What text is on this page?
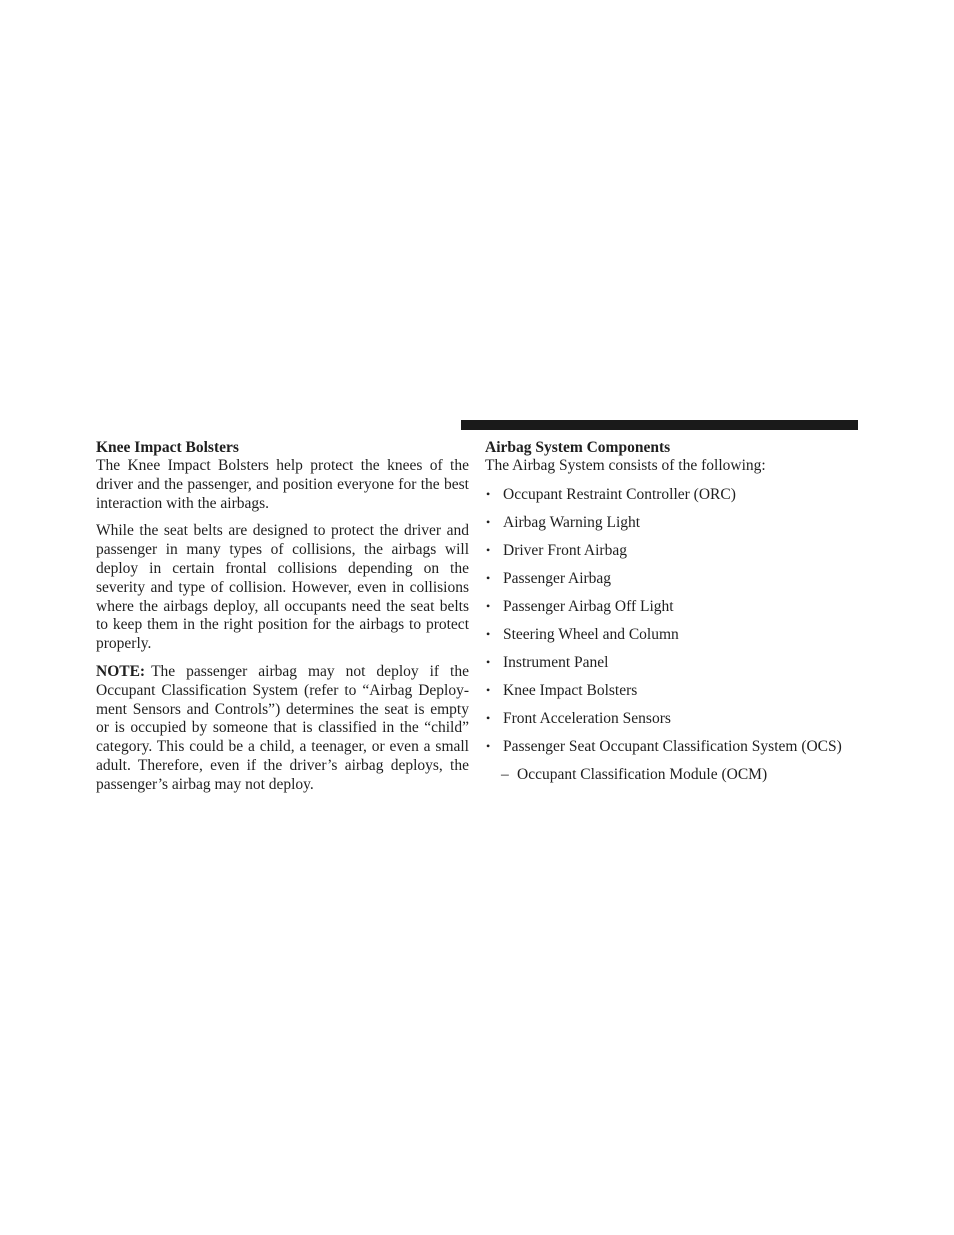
Knee Impact Bolsters

The Knee Impact Bolsters help protect the knees of the driver and the passenger, and position everyone for the best interaction with the airbags.

While the seat belts are designed to protect the driver and passenger in many types of collisions, the airbags will deploy in certain frontal collisions depending on the severity and type of collision. However, even in collisions where the airbags deploy, all occupants need the seat belts to keep them in the right position for the airbags to protect properly.

NOTE: The passenger airbag may not deploy if the Occupant Classification System (refer to “Airbag Deploy-ment Sensors and Controls”) determines the seat is empty or is occupied by someone that is classified in the “child” category. This could be a child, a teenager, or even a small adult. Therefore, even if the driver’s airbag deploys, the passenger’s airbag may not deploy.

Airbag System Components

The Airbag System consists of the following:

• Occupant Restraint Controller (ORC)
• Airbag Warning Light
• Driver Front Airbag
• Passenger Airbag
• Passenger Airbag Off Light
• Steering Wheel and Column
• Instrument Panel
• Knee Impact Bolsters
• Front Acceleration Sensors
• Passenger Seat Occupant Classification System (OCS)
– Occupant Classification Module (OCM)
